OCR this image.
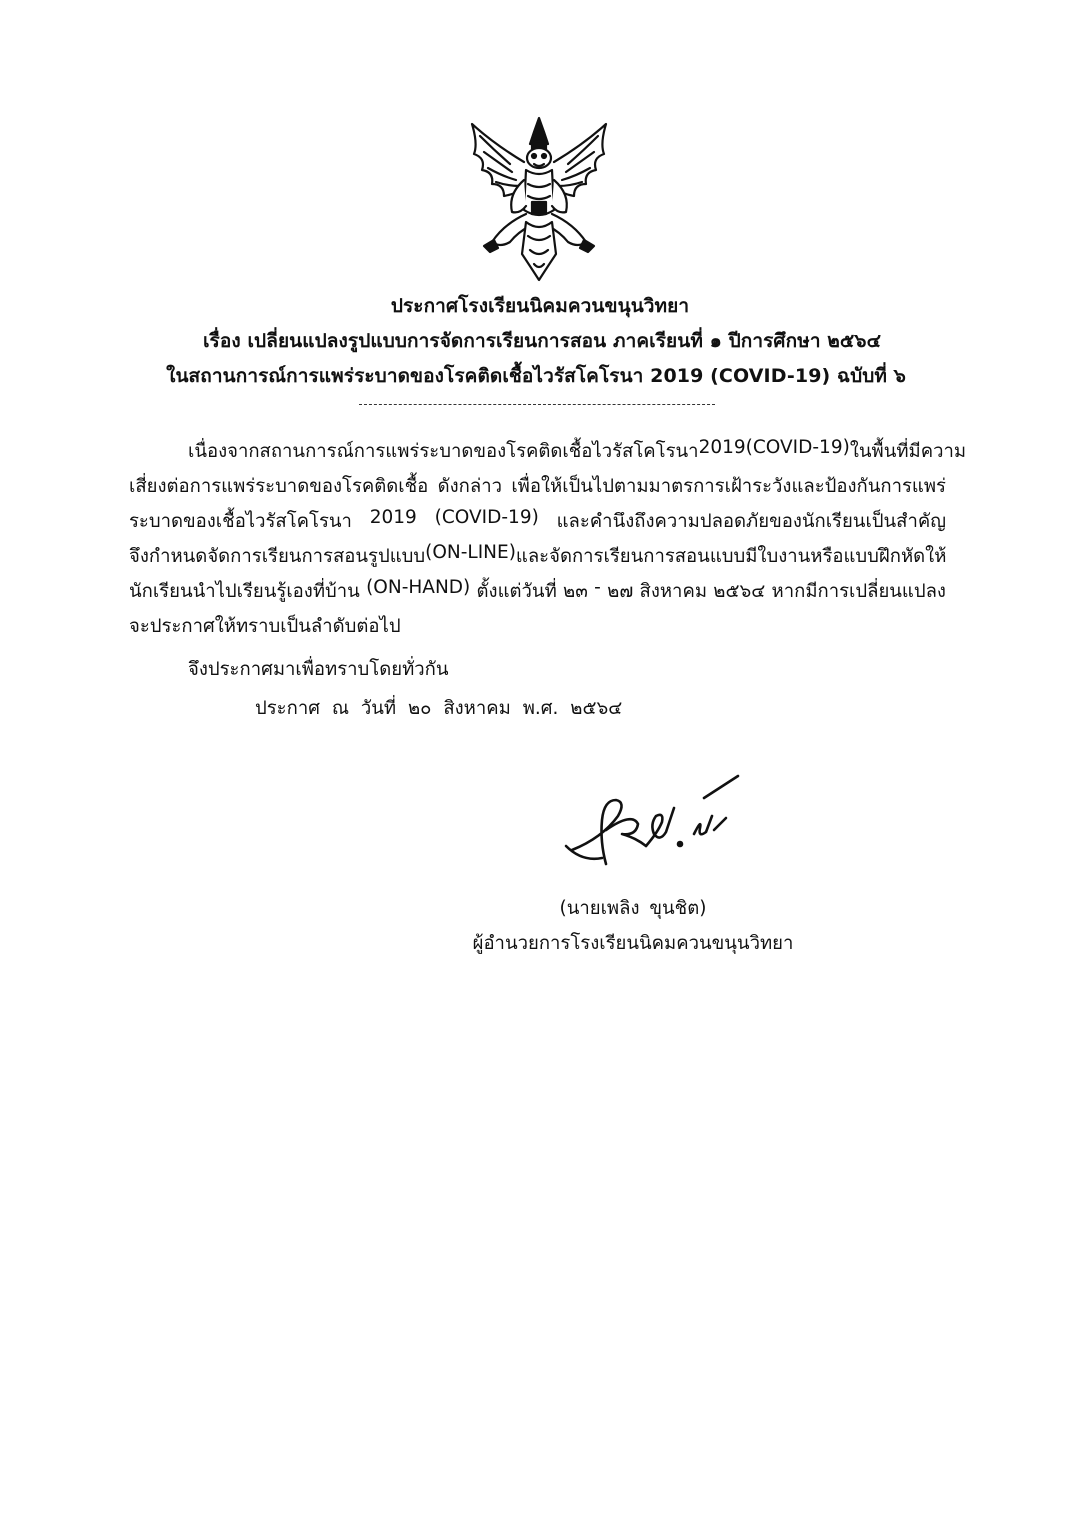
ประกาศโรงเรียนนิคมควนขนุนวิทยา
เรื่อง เปลี่ยนแปลงรูปแบบการจัดการเรียนการสอน ภาคเรียนที่ ๑ ปีการศึกษา ๒๕๖๔
ในสถานการณ์การแพร่ระบาดของโรคติดเชื้อไวรัสโคโรนา 2019 (COVID-19) ฉบับที่ ๖
เนื่องจากสถานการณ์การแพร่ระบาดของโรคติดเชื้อไวรัสโคโรนา 2019 (COVID-19) ในพื้นที่มีความ
เสี่ยงต่อการแพร่ระบาดของโรคติดเชื้อ ดังกล่าว เพื่อให้เป็นไปตามมาตรการเฝ้าระวังและป้องกันการแพร่
ระบาดของเชื้อไวรัสโคโรนา 2019 (COVID-19) และคำนึงถึงความปลอดภัยของนักเรียนเป็นสำคัญ
จึงกำหนดจัดการเรียนการสอนรูปแบบ (ON-LINE) และจัดการเรียนการสอนแบบมีใบงานหรือแบบฝึกหัดให้
นักเรียนนำไปเรียนรู้เองที่บ้าน (ON-HAND) ตั้งแต่วันที่ ๒๓ - ๒๗ สิงหาคม ๒๕๖๔ หากมีการเปลี่ยนแปลง
จะประกาศให้ทราบเป็นลำดับต่อไป
จึงประกาศมาเพื่อทราบโดยทั่วกัน
ประกาศ ณ วันที่ ๒๐ สิงหาคม พ.ศ. ๒๕๖๔
(นายเพลิง ขุนชิต)
ผู้อำนวยการโรงเรียนนิคมควนขนุนวิทยา
